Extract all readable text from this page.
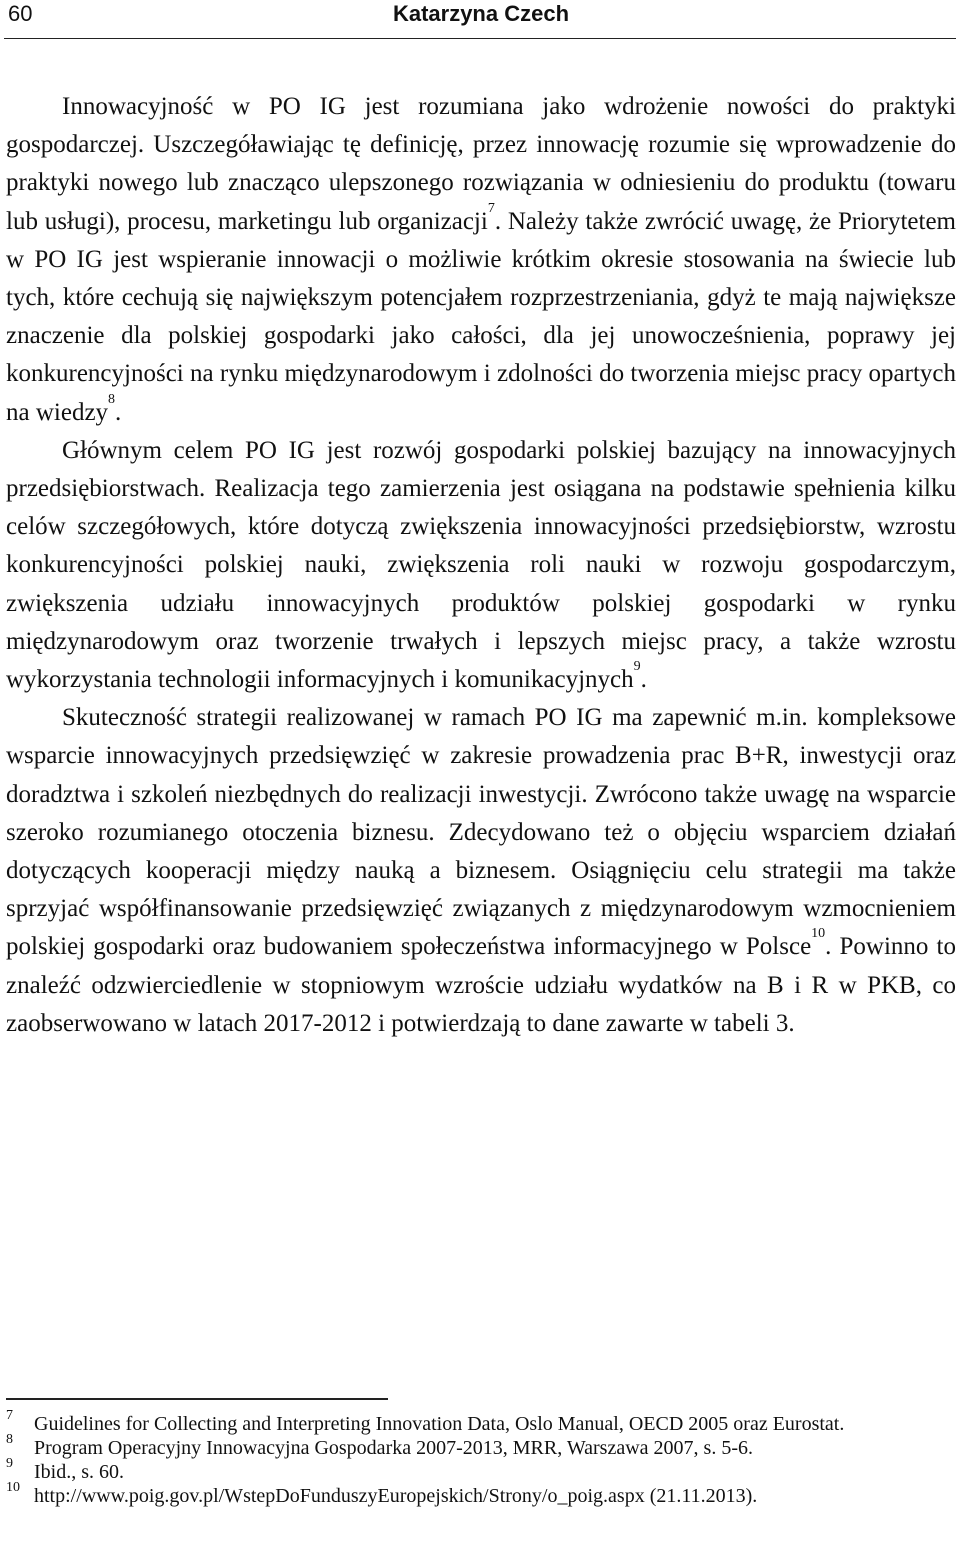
60	Katarzyna Czech

Innowacyjność w PO IG jest rozumiana jako wdrożenie nowości do praktyki gospodarczej. Uszczegóławiając tę definicję, przez innowację rozumie się wprowadzenie do praktyki nowego lub znacząco ulepszonego rozwiązania w odniesieniu do produktu (towaru lub usługi), procesu, marketingu lub organizacji$^7$. Należy także zwrócić uwagę, że Priorytetem w PO IG jest wspieranie innowacji o możliwie krótkim okresie stosowania na świecie lub tych, które cechują się największym potencjałem rozprzestrzeniania, gdyż te mają największe znaczenie dla polskiej gospodarki jako całości, dla jej unowocześnienia, poprawy jej konkurencyjności na rynku międzynarodowym i zdolności do tworzenia miejsc pracy opartych na wiedzy$^8$.

Głównym celem PO IG jest rozwój gospodarki polskiej bazujący na innowacyjnych przedsiębiorstwach. Realizacja tego zamierzenia jest osiągana na podstawie spełnienia kilku celów szczegółowych, które dotyczą zwiększenia innowacyjności przedsiębiorstw, wzrostu konkurencyjności polskiej nauki, zwiększenia roli nauki w rozwoju gospodarczym, zwiększenia udziału innowacyjnych produktów polskiej gospodarki w rynku międzynarodowym oraz tworzenie trwałych i lepszych miejsc pracy, a także wzrostu wykorzystania technologii informacyjnych i komunikacyjnych$^9$.

Skuteczność strategii realizowanej w ramach PO IG ma zapewnić m.in. kompleksowe wsparcie innowacyjnych przedsięwzięć w zakresie prowadzenia prac B+R, inwestycji oraz doradztwa i szkoleń niezbędnych do realizacji inwestycji. Zwrócono także uwagę na wsparcie szeroko rozumianego otoczenia biznesu. Zdecydowano też o objęciu wsparciem działań dotyczących kooperacji między nauką a biznesem. Osiągnięciu celu strategii ma także sprzyjać współfinansowanie przedsięwzięć związanych z międzynarodowym wzmocnieniem polskiej gospodarki oraz budowaniem społeczeństwa informacyjnego w Polsce$^{10}$. Powinno to znaleźć odzwierciedlenie w stopniowym wzroście udziału wydatków na B i R w PKB, co zaobserwowano w latach 2017-2012 i potwierdzają to dane zawarte w tabeli 3.

7 Guidelines for Collecting and Interpreting Innovation Data, Oslo Manual, OECD 2005 oraz Eurostat.

8 Program Operacyjny Innowacyjna Gospodarka 2007-2013, MRR, Warszawa 2007, s. 5-6.

9 Ibid., s. 60.

10 http://www.poig.gov.pl/WstepDoFunduszyEuropejskich/Strony/o_poig.aspx (21.11.2013).
